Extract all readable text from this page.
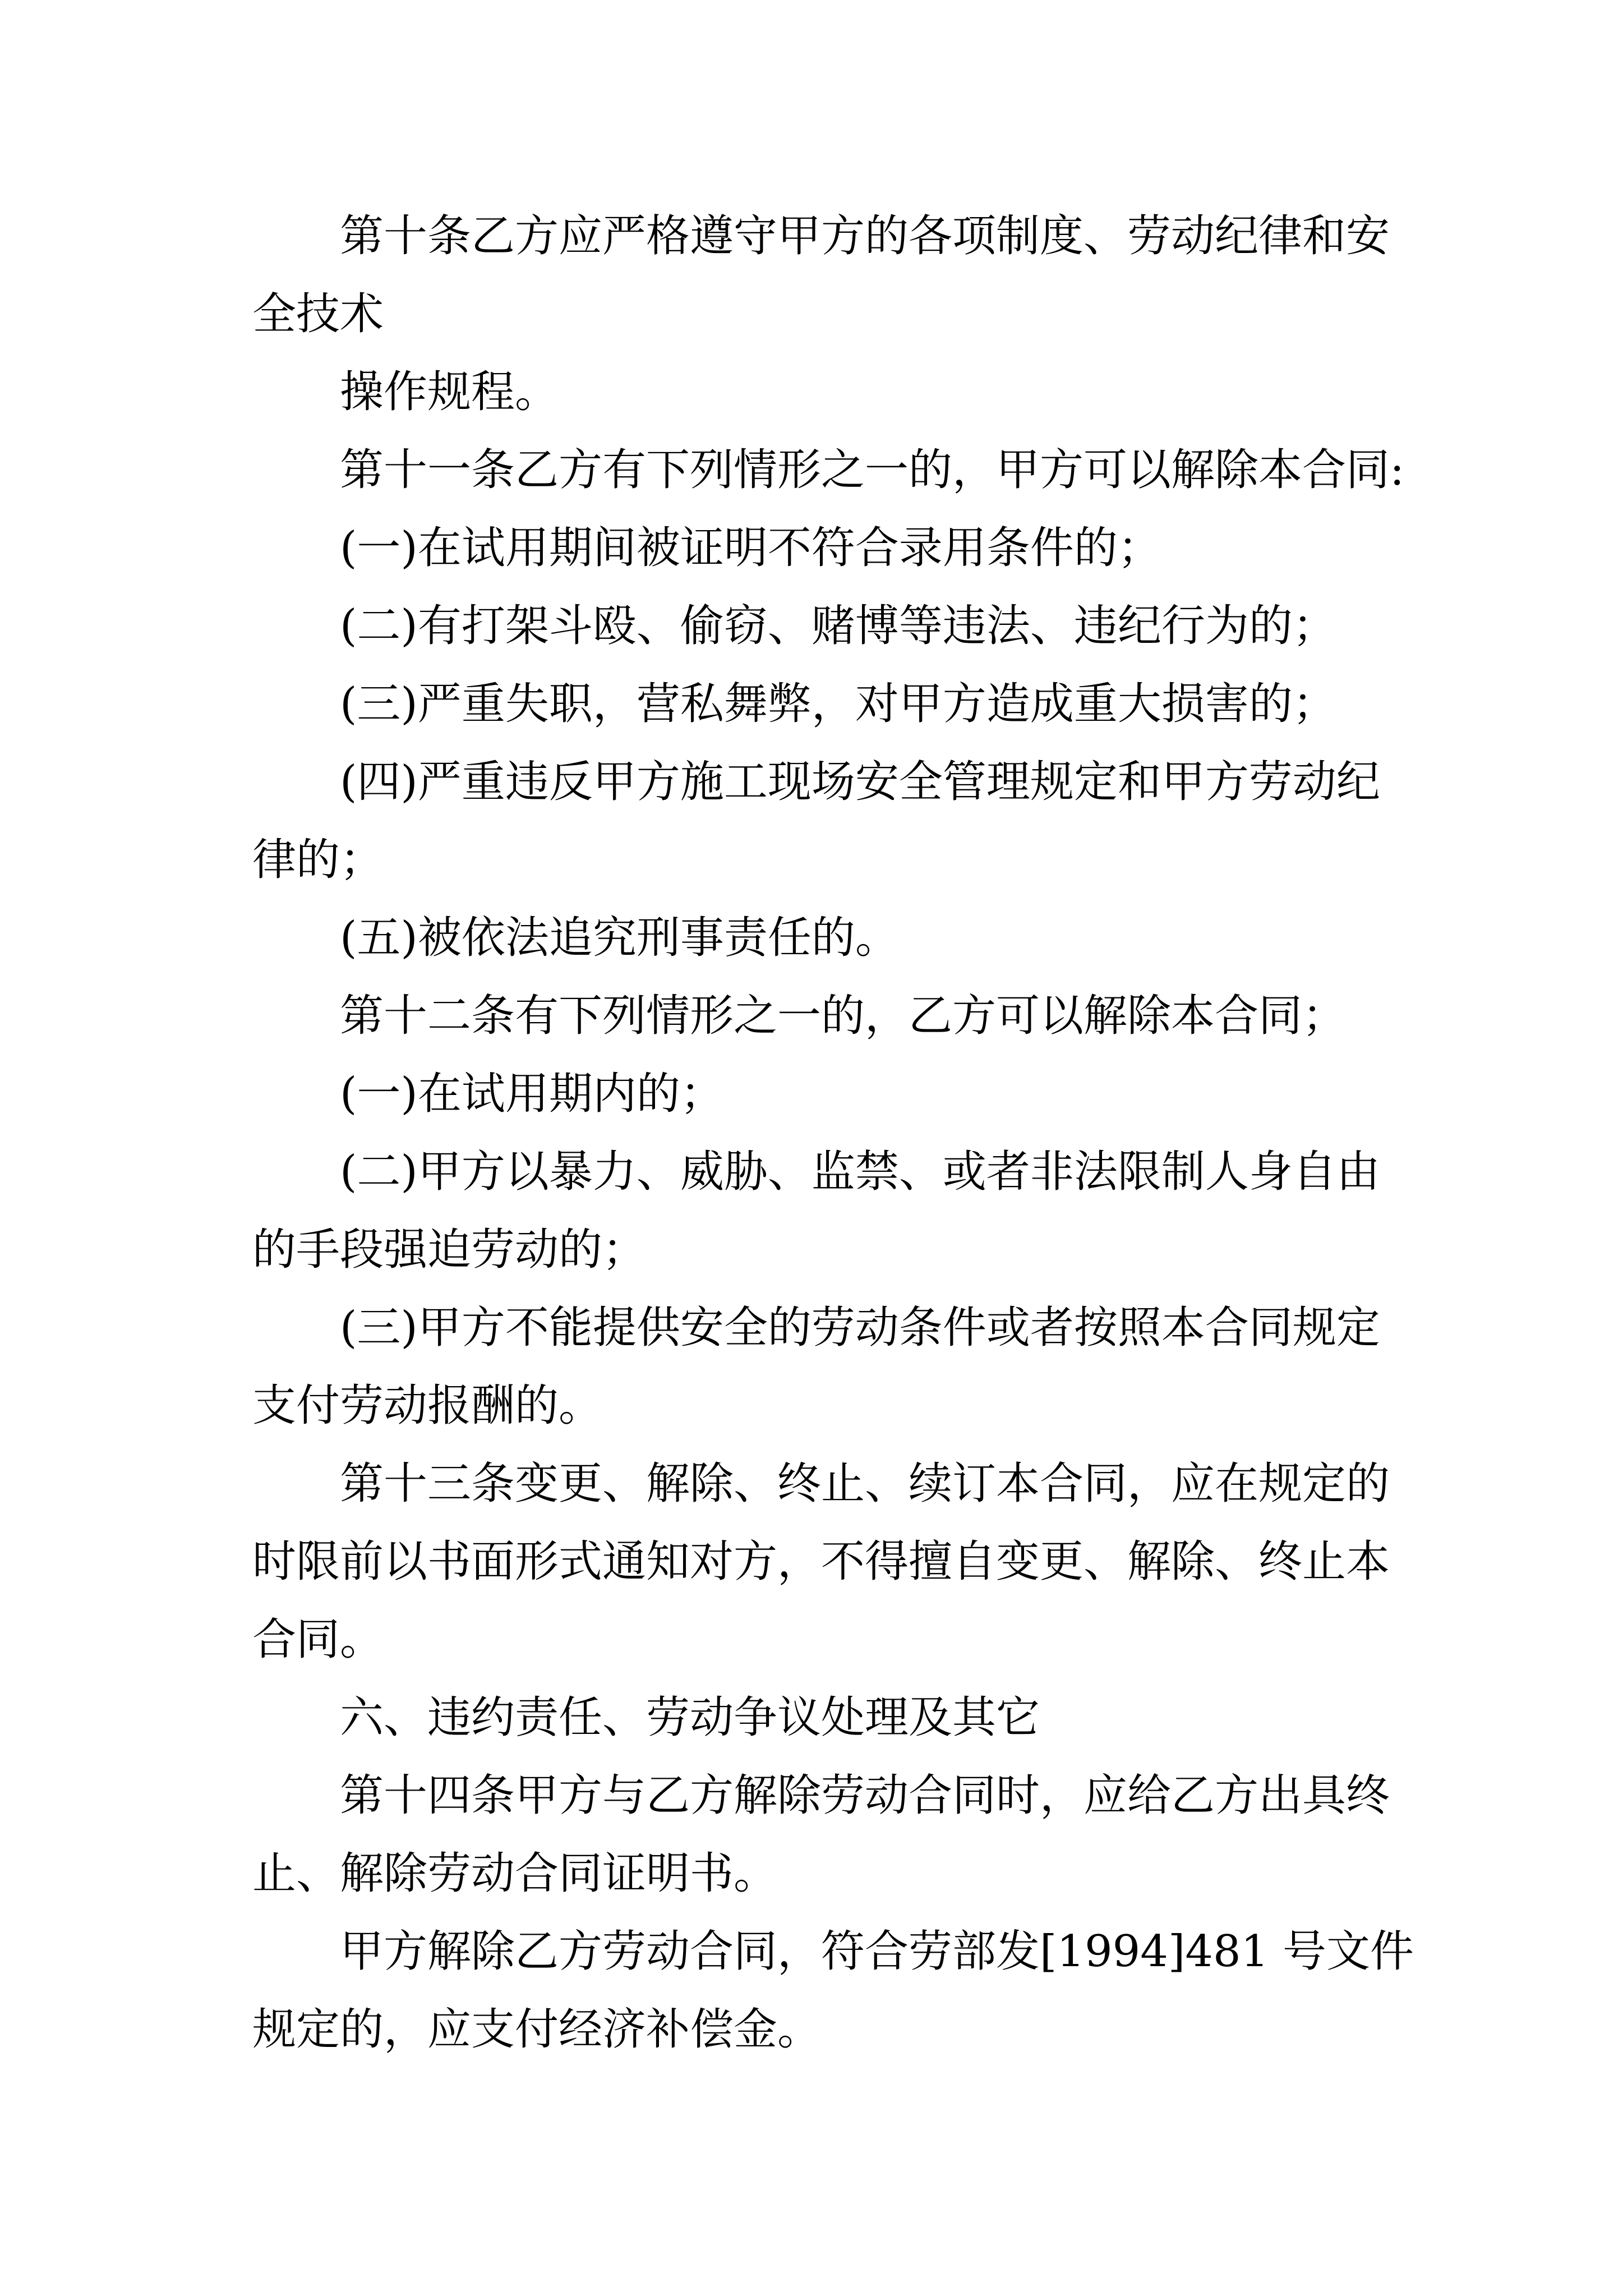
第十条乙方应严格遵守甲方的各项制度、劳动纪律和安
全技术
操作规程。
第十一条乙方有下列情形之一的，甲方可以解除本合同:
(一)在试用期间被证明不符合录用条件的；
(二)有打架斗殴、偷窃、赌博等违法、违纪行为的；
(三)严重失职，营私舞弊，对甲方造成重大损害的；
(四)严重违反甲方施工现场安全管理规定和甲方劳动纪
律的；
(五)被依法追究刑事责任的。
第十二条有下列情形之一的，乙方可以解除本合同；
(一)在试用期内的；
(二)甲方以暴力、威胁、监禁、或者非法限制人身自由
的手段强迫劳动的；
(三)甲方不能提供安全的劳动条件或者按照本合同规定
支付劳动报酬的。
第十三条变更、解除、终止、续订本合同，应在规定的
时限前以书面形式通知对方，不得擅自变更、解除、终止本
合同。
六、违约责任、劳动争议处理及其它
第十四条甲方与乙方解除劳动合同时，应给乙方出具终
止、解除劳动合同证明书。
甲方解除乙方劳动合同，符合劳部发[1994]481 号文件
规定的，应支付经济补偿金。
